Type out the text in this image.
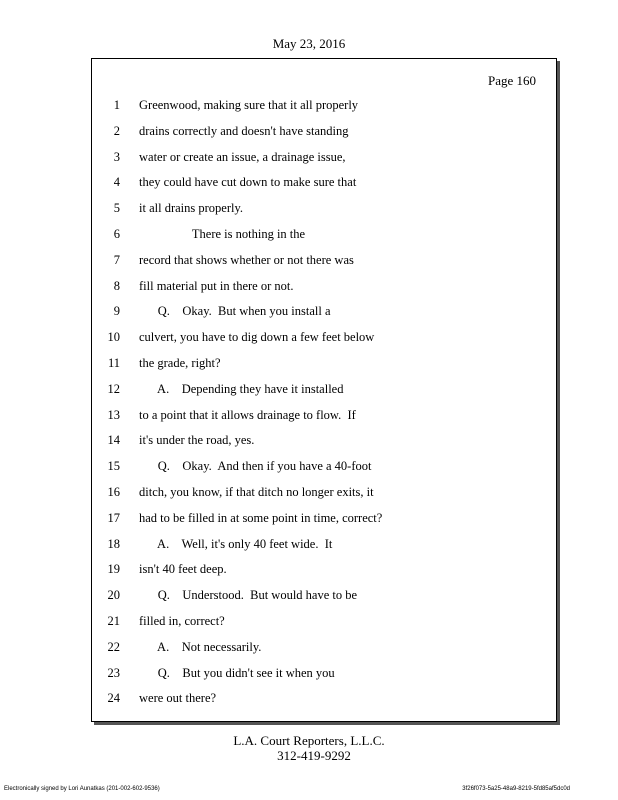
May 23, 2016
Page 160
1 Greenwood, making sure that it all properly
2 drains correctly and doesn't have standing
3 water or create an issue, a drainage issue,
4 they could have cut down to make sure that
5 it all drains properly.
6 There is nothing in the
7 record that shows whether or not there was
8 fill material put in there or not.
9 Q.    Okay.  But when you install a
10 culvert, you have to dig down a few feet below
11 the grade, right?
12 A.    Depending they have it installed
13 to a point that it allows drainage to flow.  If
14 it's under the road, yes.
15 Q.    Okay.  And then if you have a 40-foot
16 ditch, you know, if that ditch no longer exits, it
17 had to be filled in at some point in time, correct?
18 A.    Well, it's only 40 feet wide.  It
19 isn't 40 feet deep.
20 Q.    Understood.  But would have to be
21 filled in, correct?
22 A.    Not necessarily.
23 Q.    But you didn't see it when you
24 were out there?
L.A. Court Reporters, L.L.C.
312-419-9292
Electronically signed by Lori Aunatkas (201-002-602-9536)	3f26f073-5a25-48a9-8219-5fd85af5dc0d
